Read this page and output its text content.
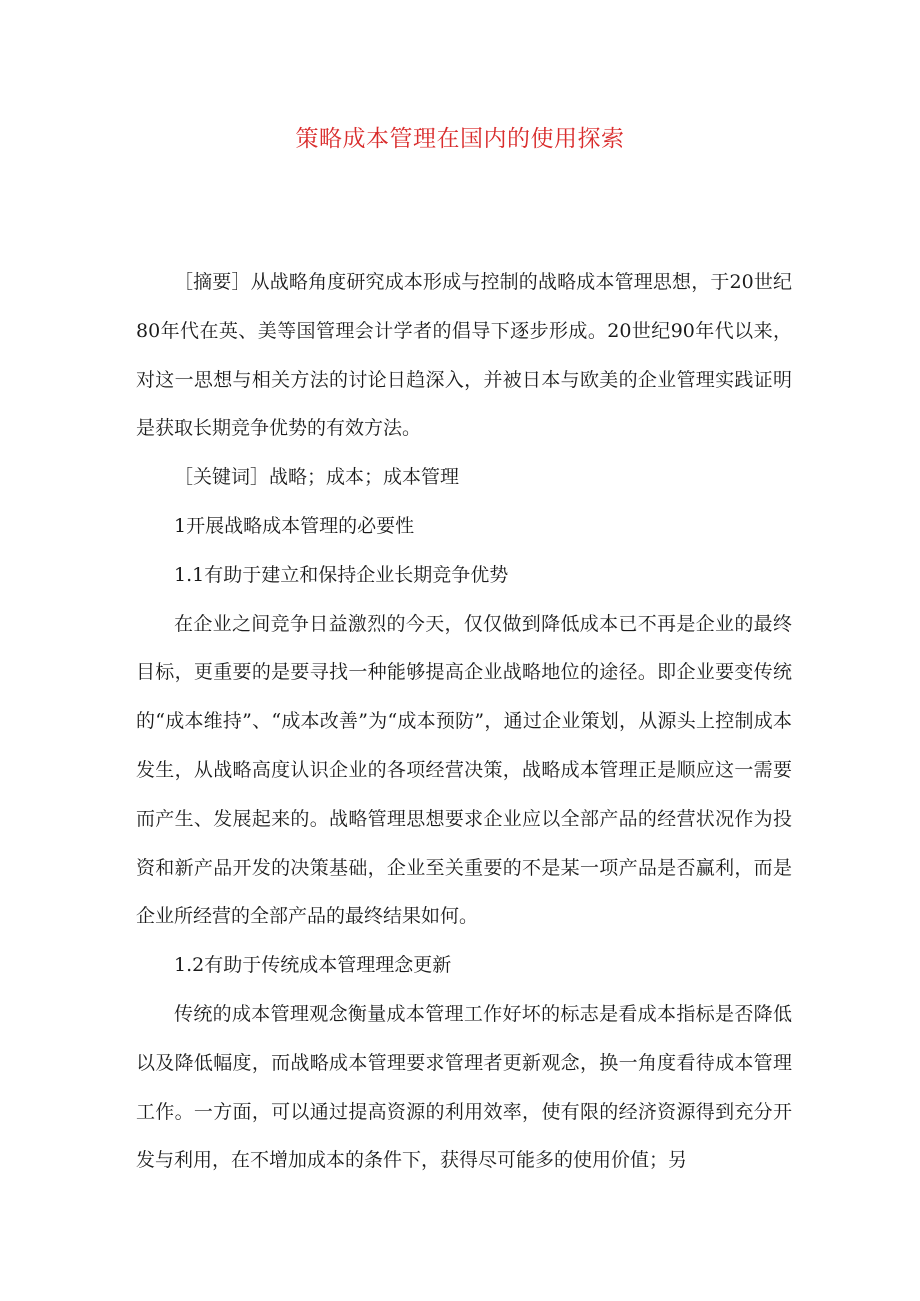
策略成本管理在国内的使用探索

［摘要］从战略角度研究成本形成与控制的战略成本管理思想，于20世纪80年代在英、美等国管理会计学者的倡导下逐步形成。20世纪90年代以来，对这一思想与相关方法的讨论日趋深入，并被日本与欧美的企业管理实践证明是获取长期竞争优势的有效方法。

［关键词］战略；成本；成本管理

1开展战略成本管理的必要性

1.1有助于建立和保持企业长期竞争优势

在企业之间竞争日益激烈的今天，仅仅做到降低成本已不再是企业的最终目标，更重要的是要寻找一种能够提高企业战略地位的途径。即企业要变传统的“成本维持”、“成本改善”为“成本预防”，通过企业策划，从源头上控制成本发生，从战略高度认识企业的各项经营决策，战略成本管理正是顺应这一需要而产生、发展起来的。战略管理思想要求企业应以全部产品的经营状况作为投资和新产品开发的决策基础，企业至关重要的不是某一项产品是否赢利，而是企业所经营的全部产品的最终结果如何。

1.2有助于传统成本管理理念更新

传统的成本管理观念衡量成本管理工作好坏的标志是看成本指标是否降低以及降低幅度，而战略成本管理要求管理者更新观念，换一角度看待成本管理工作。一方面，可以通过提高资源的利用效率，使有限的经济资源得到充分开发与利用，在不增加成本的条件下，获得尽可能多的使用价值；另
